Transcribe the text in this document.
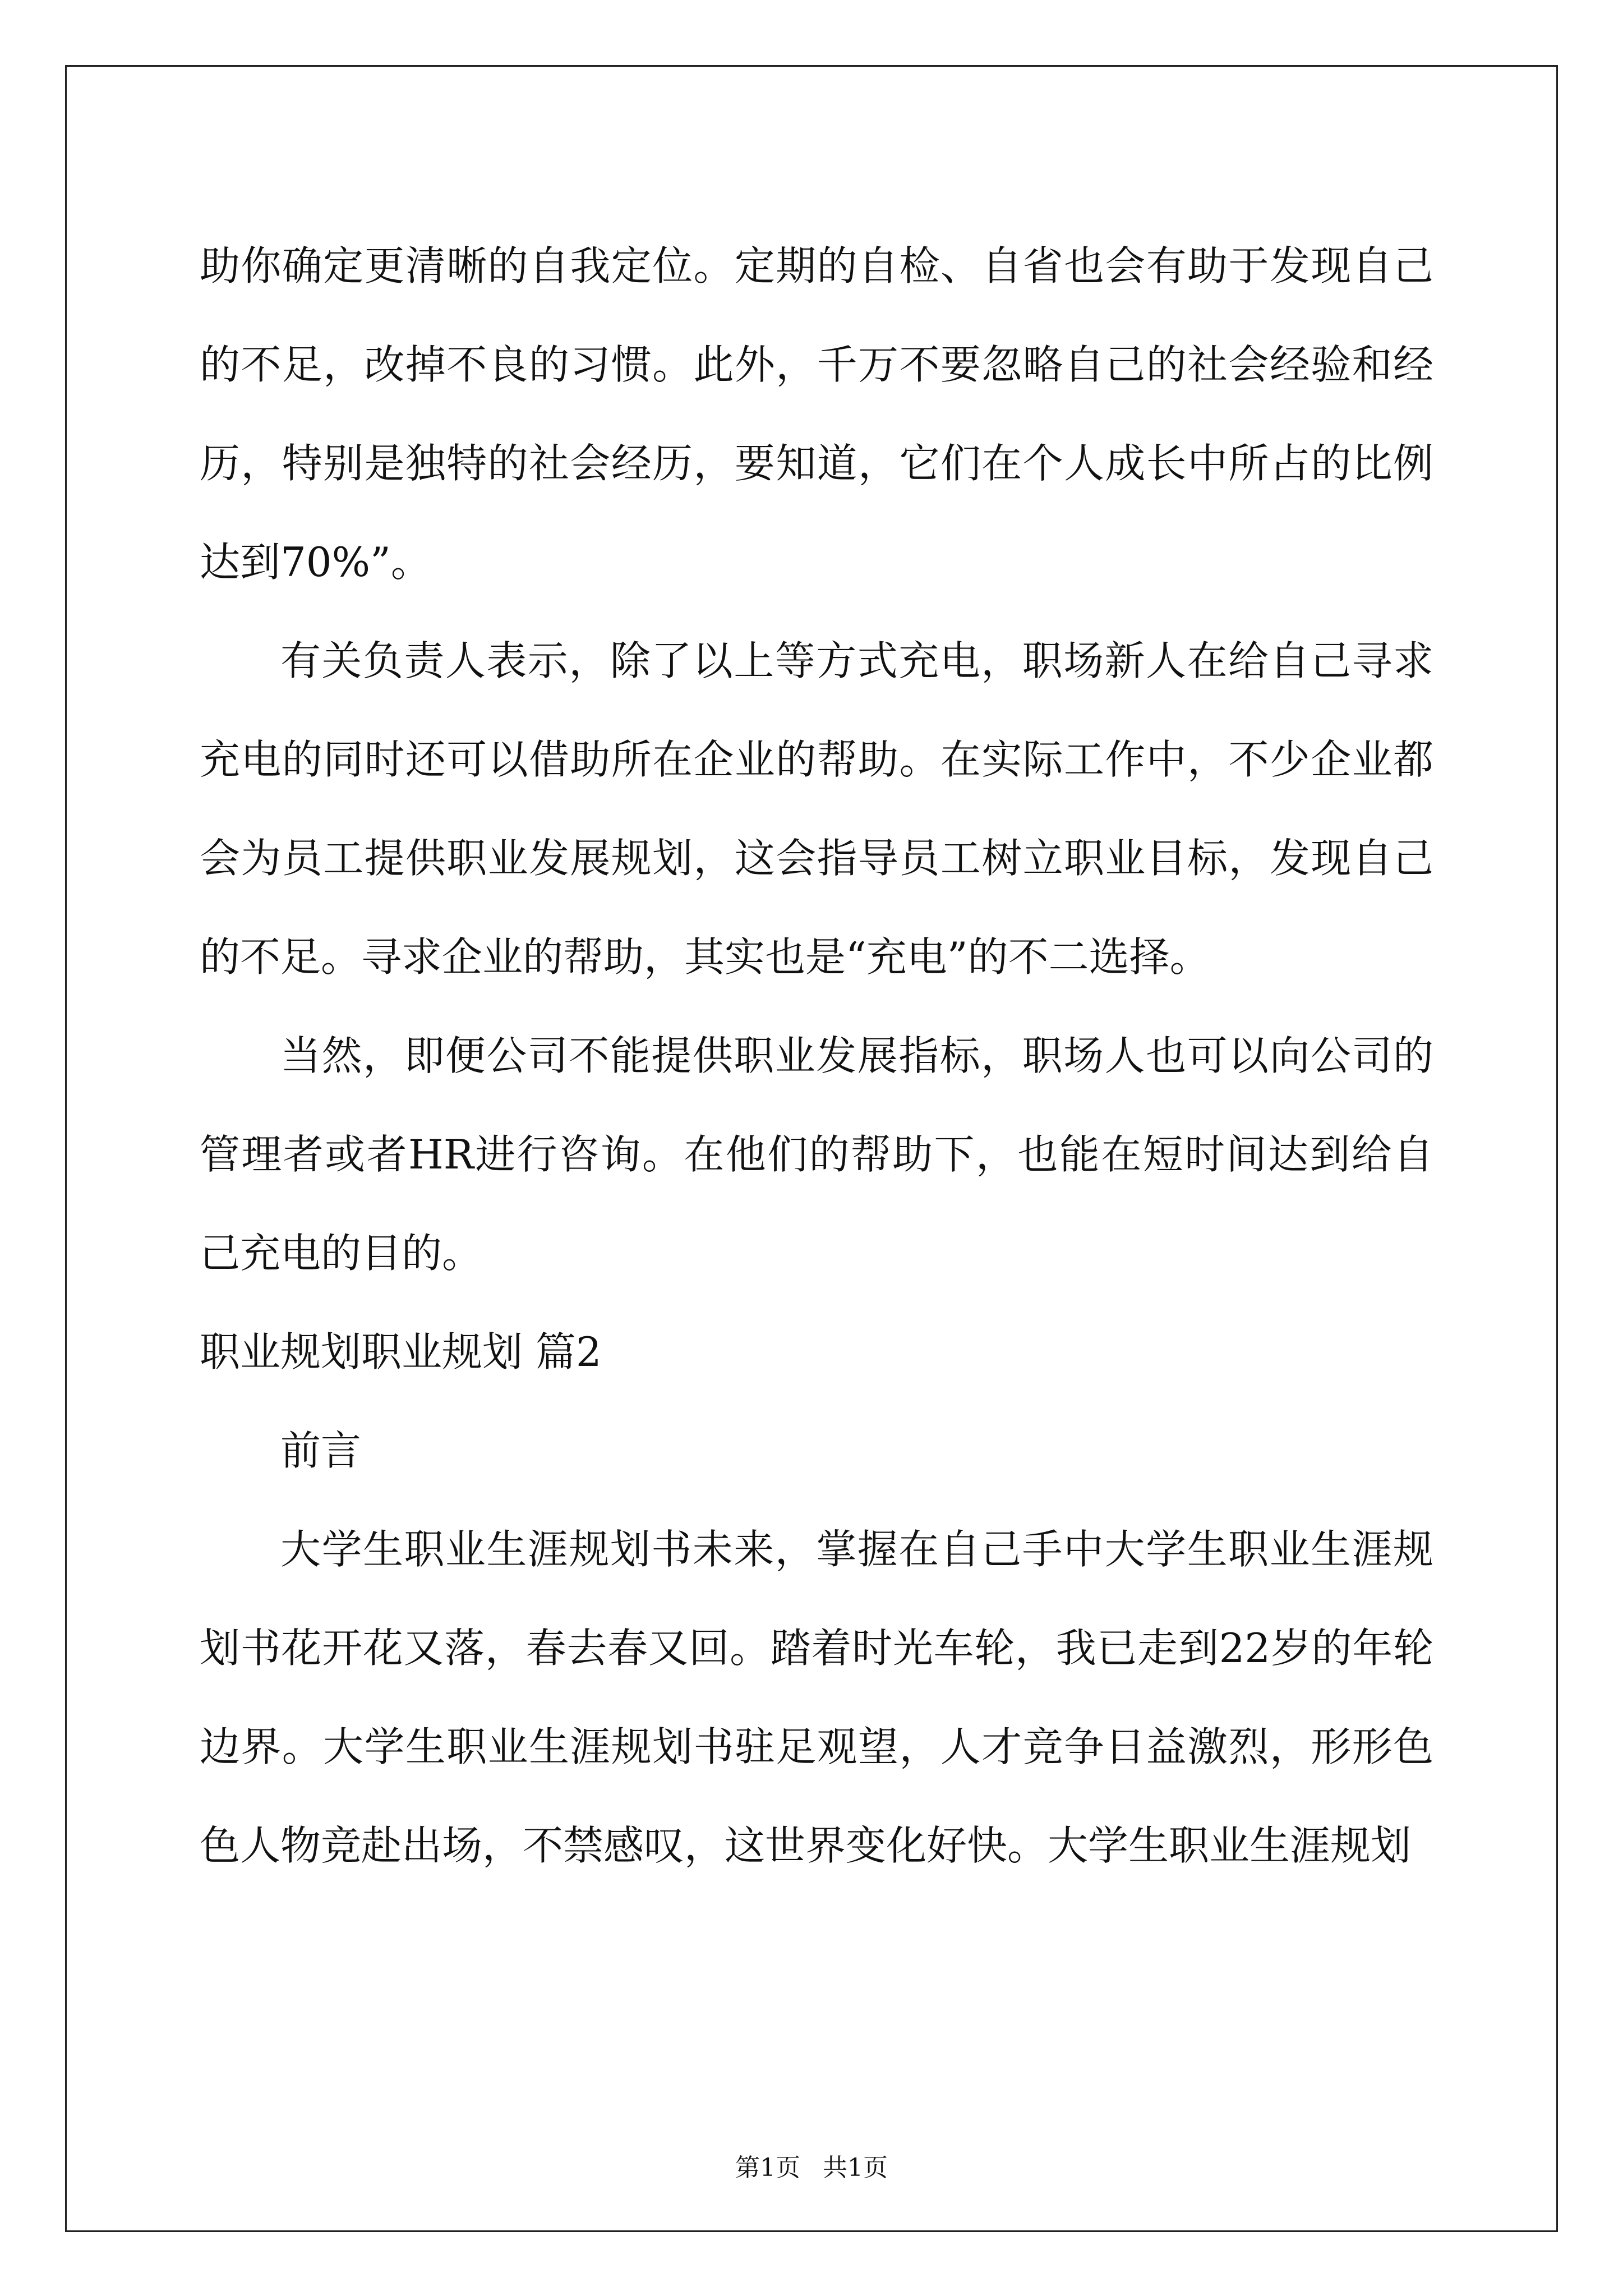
助你确定更清晰的自我定位。定期的自检、自省也会有助于发现自己的不足，改掉不良的习惯。此外，千万不要忽略自己的社会经验和经历，特别是独特的社会经历，要知道，它们在个人成长中所占的比例达到70%”。

有关负责人表示，除了以上等方式充电，职场新人在给自己寻求充电的同时还可以借助所在企业的帮助。在实际工作中，不少企业都会为员工提供职业发展规划，这会指导员工树立职业目标，发现自己的不足。寻求企业的帮助，其实也是“充电”的不二选择。

当然，即便公司不能提供职业发展指标，职场人也可以向公司的管理者或者HR进行咨询。在他们的帮助下，也能在短时间达到给自己充电的目的。

职业规划职业规划 篇2

前言

大学生职业生涯规划书未来，掌握在自己手中大学生职业生涯规划书花开花又落，春去春又回。踏着时光车轮，我已走到22岁的年轮边界。大学生职业生涯规划书驻足观望，人才竞争日益激烈，形形色色人物竞赴出场，不禁感叹，这世界变化好快。大学生职业生涯规划

第1页 共1页
